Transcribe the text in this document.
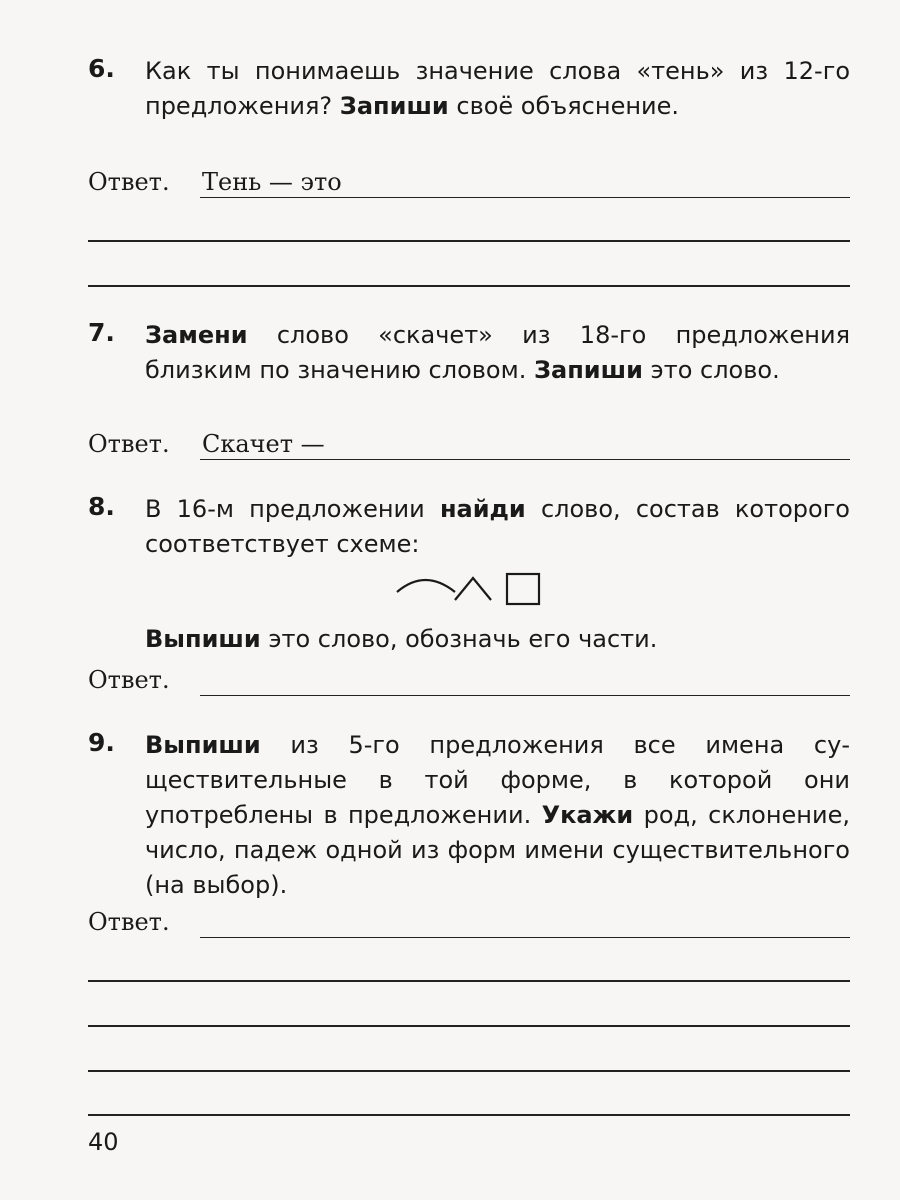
6. Как ты понимаешь значение слова «тень» из 12-го предложения? Запиши своё объяснение.
Ответ. Тень — это
7. Замени слово «скачет» из 18-го предложения близким по значению словом. Запиши это слово.
Ответ. Скачет —
8. В 16-м предложении найди слово, состав которого соответствует схеме:
Выпиши это слово, обозначь его части.
Ответ.
9. Выпиши из 5-го предложения все имена существительные в той форме, в которой они употреблены в предложении. Укажи род, склонение, число, падеж одной из форм имени существительного (на выбор).
Ответ.
40
